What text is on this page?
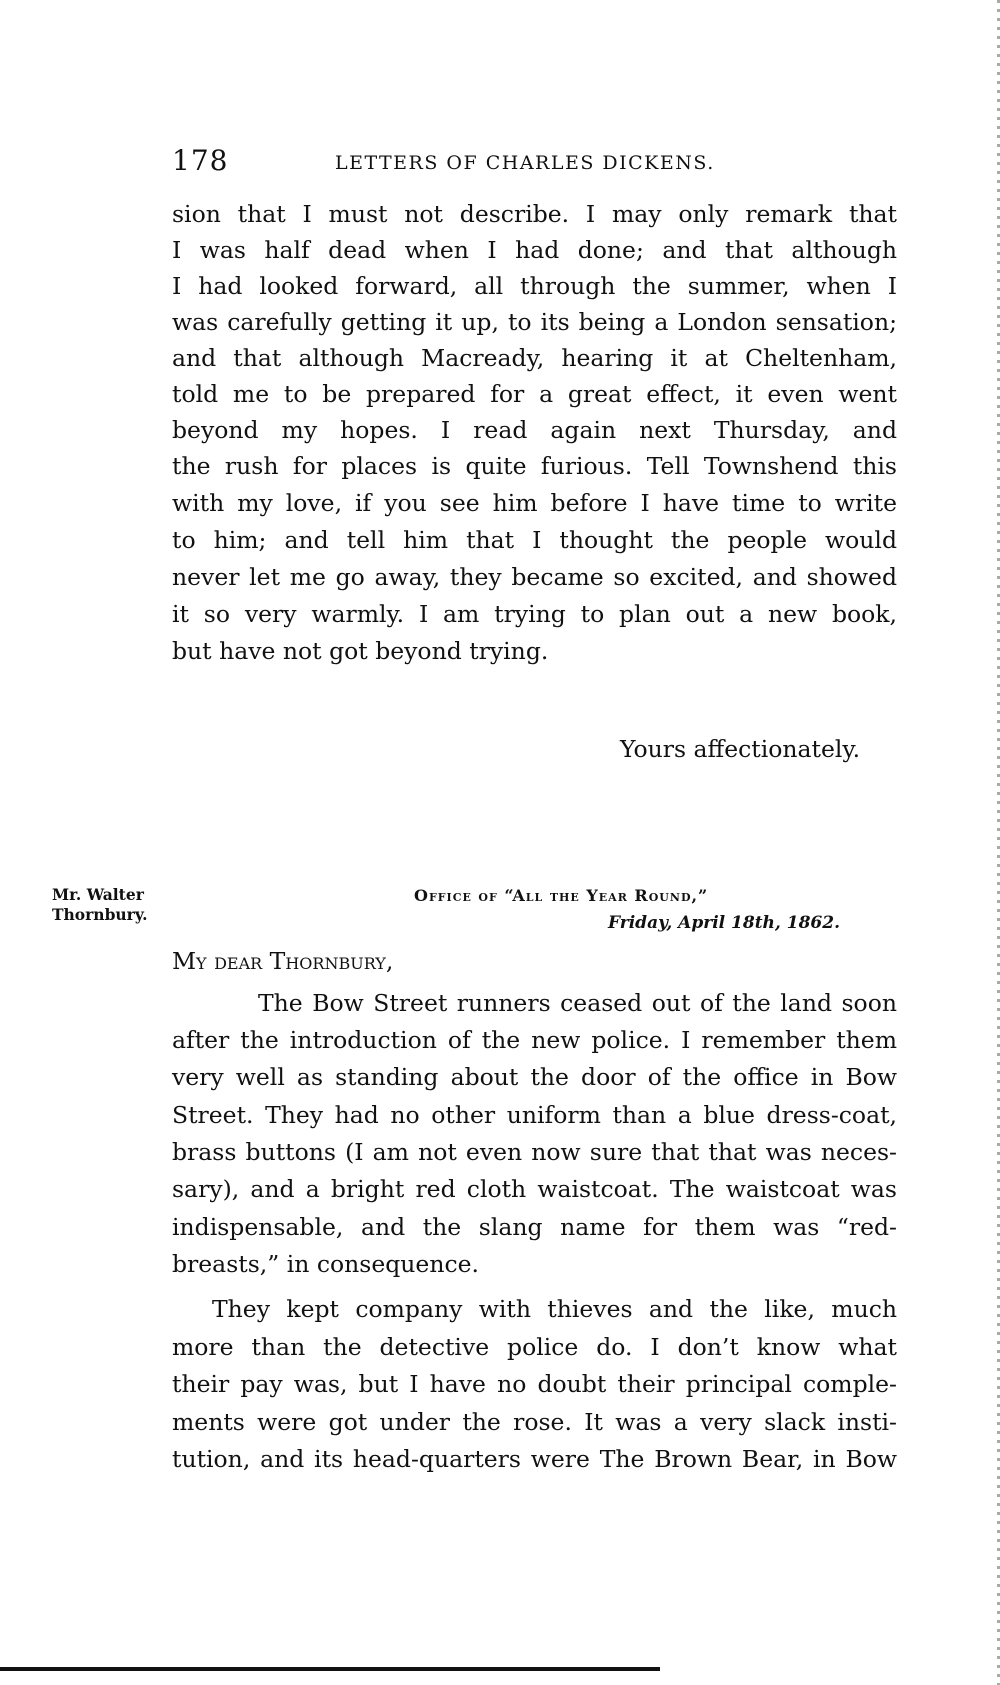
178	LETTERS OF CHARLES DICKENS.
sion that I must not describe. I may only remark that
I was half dead when I had done; and that although
I had looked forward, all through the summer, when I
was carefully getting it up, to its being a London sensation;
and that although Macready, hearing it at Cheltenham,
told me to be prepared for a great effect, it even went
beyond my hopes. I read again next Thursday, and
the rush for places is quite furious. Tell Townshend this
with my love, if you see him before I have time to write
to him; and tell him that I thought the people would
never let me go away, they became so excited, and showed
it so very warmly. I am trying to plan out a new book,
but have not got beyond trying.
Yours affectionately.
Mr. Walter
Thornbury.
Office of “All the Year Round,”
Friday, April 18th, 1862.
My dear Thornbury,
The Bow Street runners ceased out of the land soon
after the introduction of the new police. I remember them
very well as standing about the door of the office in Bow
Street. They had no other uniform than a blue dress-coat,
brass buttons (I am not even now sure that that was neces-
sary), and a bright red cloth waistcoat. The waistcoat was
indispensable, and the slang name for them was “red-
breasts,” in consequence.
They kept company with thieves and the like, much
more than the detective police do. I don’t know what
their pay was, but I have no doubt their principal comple-
ments were got under the rose. It was a very slack insti-
tution, and its head-quarters were The Brown Bear, in Bow
